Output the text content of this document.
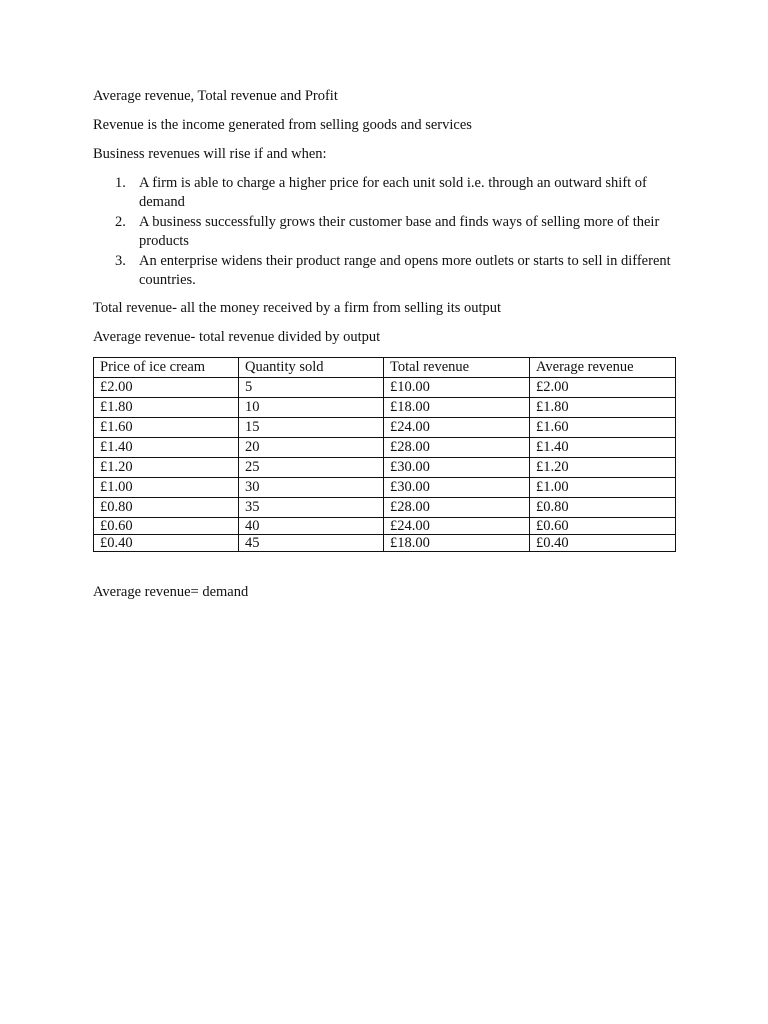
Average revenue, Total revenue and Profit

Revenue is the income generated from selling goods and services

Business revenues will rise if and when:

1. A firm is able to charge a higher price for each unit sold i.e. through an outward shift of demand
2. A business successfully grows their customer base and finds ways of selling more of their products
3. An enterprise widens their product range and opens more outlets or starts to sell in different countries.

Total revenue- all the money received by a firm from selling its output

Average revenue- total revenue divided by output

Price of ice cream	Quantity sold	Total revenue	Average revenue
£2.00	5	£10.00	£2.00
£1.80	10	£18.00	£1.80
£1.60	15	£24.00	£1.60
£1.40	20	£28.00	£1.40
£1.20	25	£30.00	£1.20
£1.00	30	£30.00	£1.00
£0.80	35	£28.00	£0.80
£0.60	40	£24.00	£0.60
£0.40	45	£18.00	£0.40

Average revenue= demand
